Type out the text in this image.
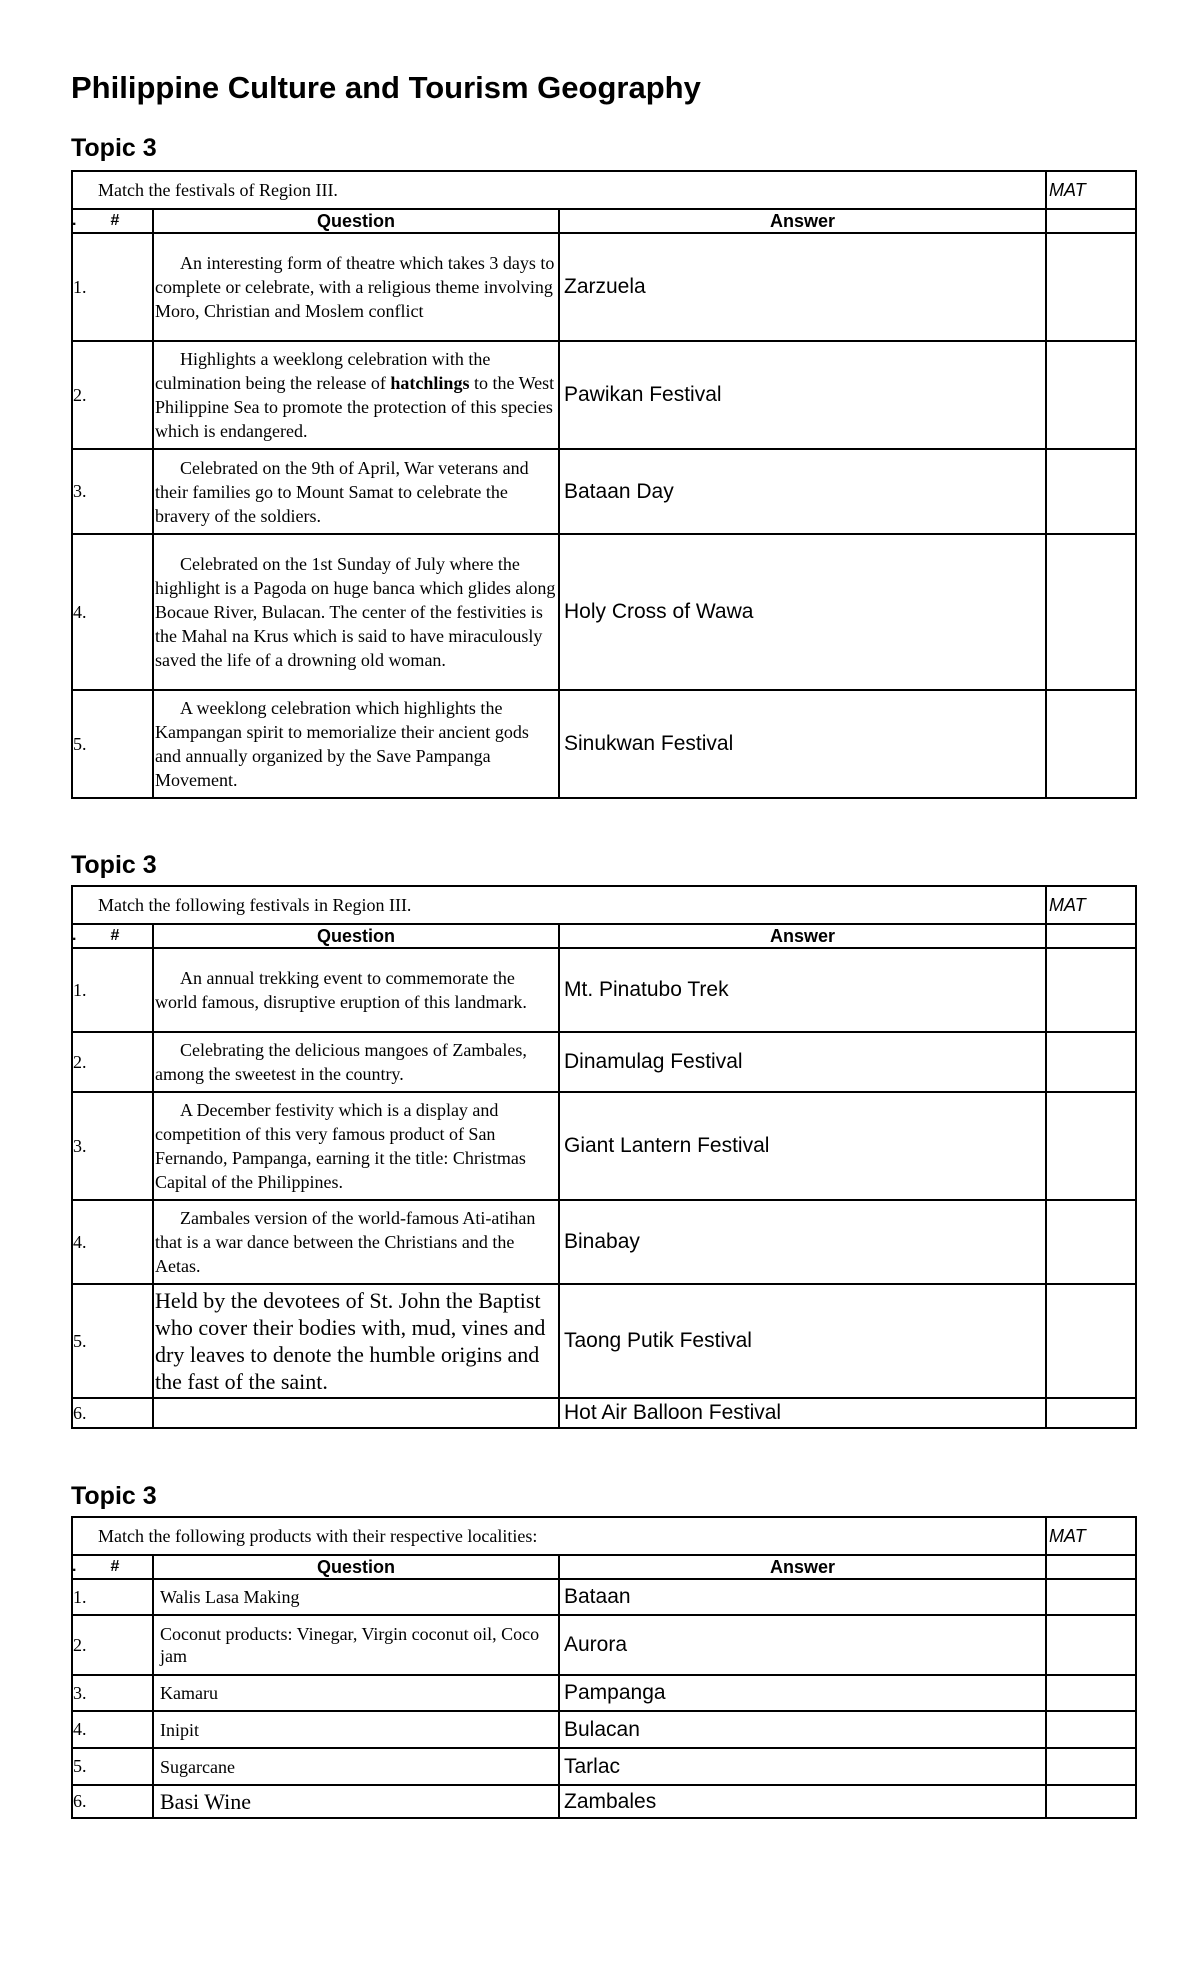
Philippine Culture and Tourism Geography
Topic 3
Match the festivals of Region III.			MAT

. #	Question	Answer	
1.	An interesting form of theatre which takes 3 days to complete or celebrate, with a religious theme involving Moro, Christian and Moslem conflict	Zarzuela	
2.	Highlights a weeklong celebration with the culmination being the release of hatchlings to the West Philippine Sea to promote the protection of this species which is endangered.	Pawikan Festival	
3.	Celebrated on the 9th of April, War veterans and their families go to Mount Samat to celebrate the bravery of the soldiers.	Bataan Day	
4.	Celebrated on the 1st Sunday of July where the highlight is a Pagoda on huge banca which glides along Bocaue River, Bulacan. The center of the festivities is the Mahal na Krus which is said to have miraculously saved the life of a drowning old woman.	Holy Cross of Wawa	
5.	A weeklong celebration which highlights the Kampangan spirit to memorialize their ancient gods and annually organized by the Save Pampanga Movement.	Sinukwan Festival	
Topic 3
Match the following festivals in Region III.			MAT

. #	Question	Answer	
1.	An annual trekking event to commemorate the world famous, disruptive eruption of this landmark.	Mt. Pinatubo Trek	
2.	Celebrating the delicious mangoes of Zambales, among the sweetest in the country.	Dinamulag Festival	
3.	A December festivity which is a display and competition of this very famous product of San Fernando, Pampanga, earning it the title: Christmas Capital of the Philippines.	Giant Lantern Festival	
4.	Zambales version of the world-famous Ati-atihan that is a war dance between the Christians and the Aetas.	Binabay	
5.	Held by the devotees of St. John the Baptist who cover their bodies with, mud, vines and dry leaves to denote the humble origins and the fast of the saint.	Taong Putik Festival	
6.		Hot Air Balloon Festival	
Topic 3
Match the following products with their respective localities:			MAT

. #	Question	Answer	
1.	Walis Lasa Making	Bataan	
2.	Coconut products: Vinegar, Virgin coconut oil, Coco jam	Aurora	
3.	Kamaru	Pampanga	
4.	Inipit	Bulacan	
5.	Sugarcane	Tarlac	
6.	Basi Wine	Zambales	
